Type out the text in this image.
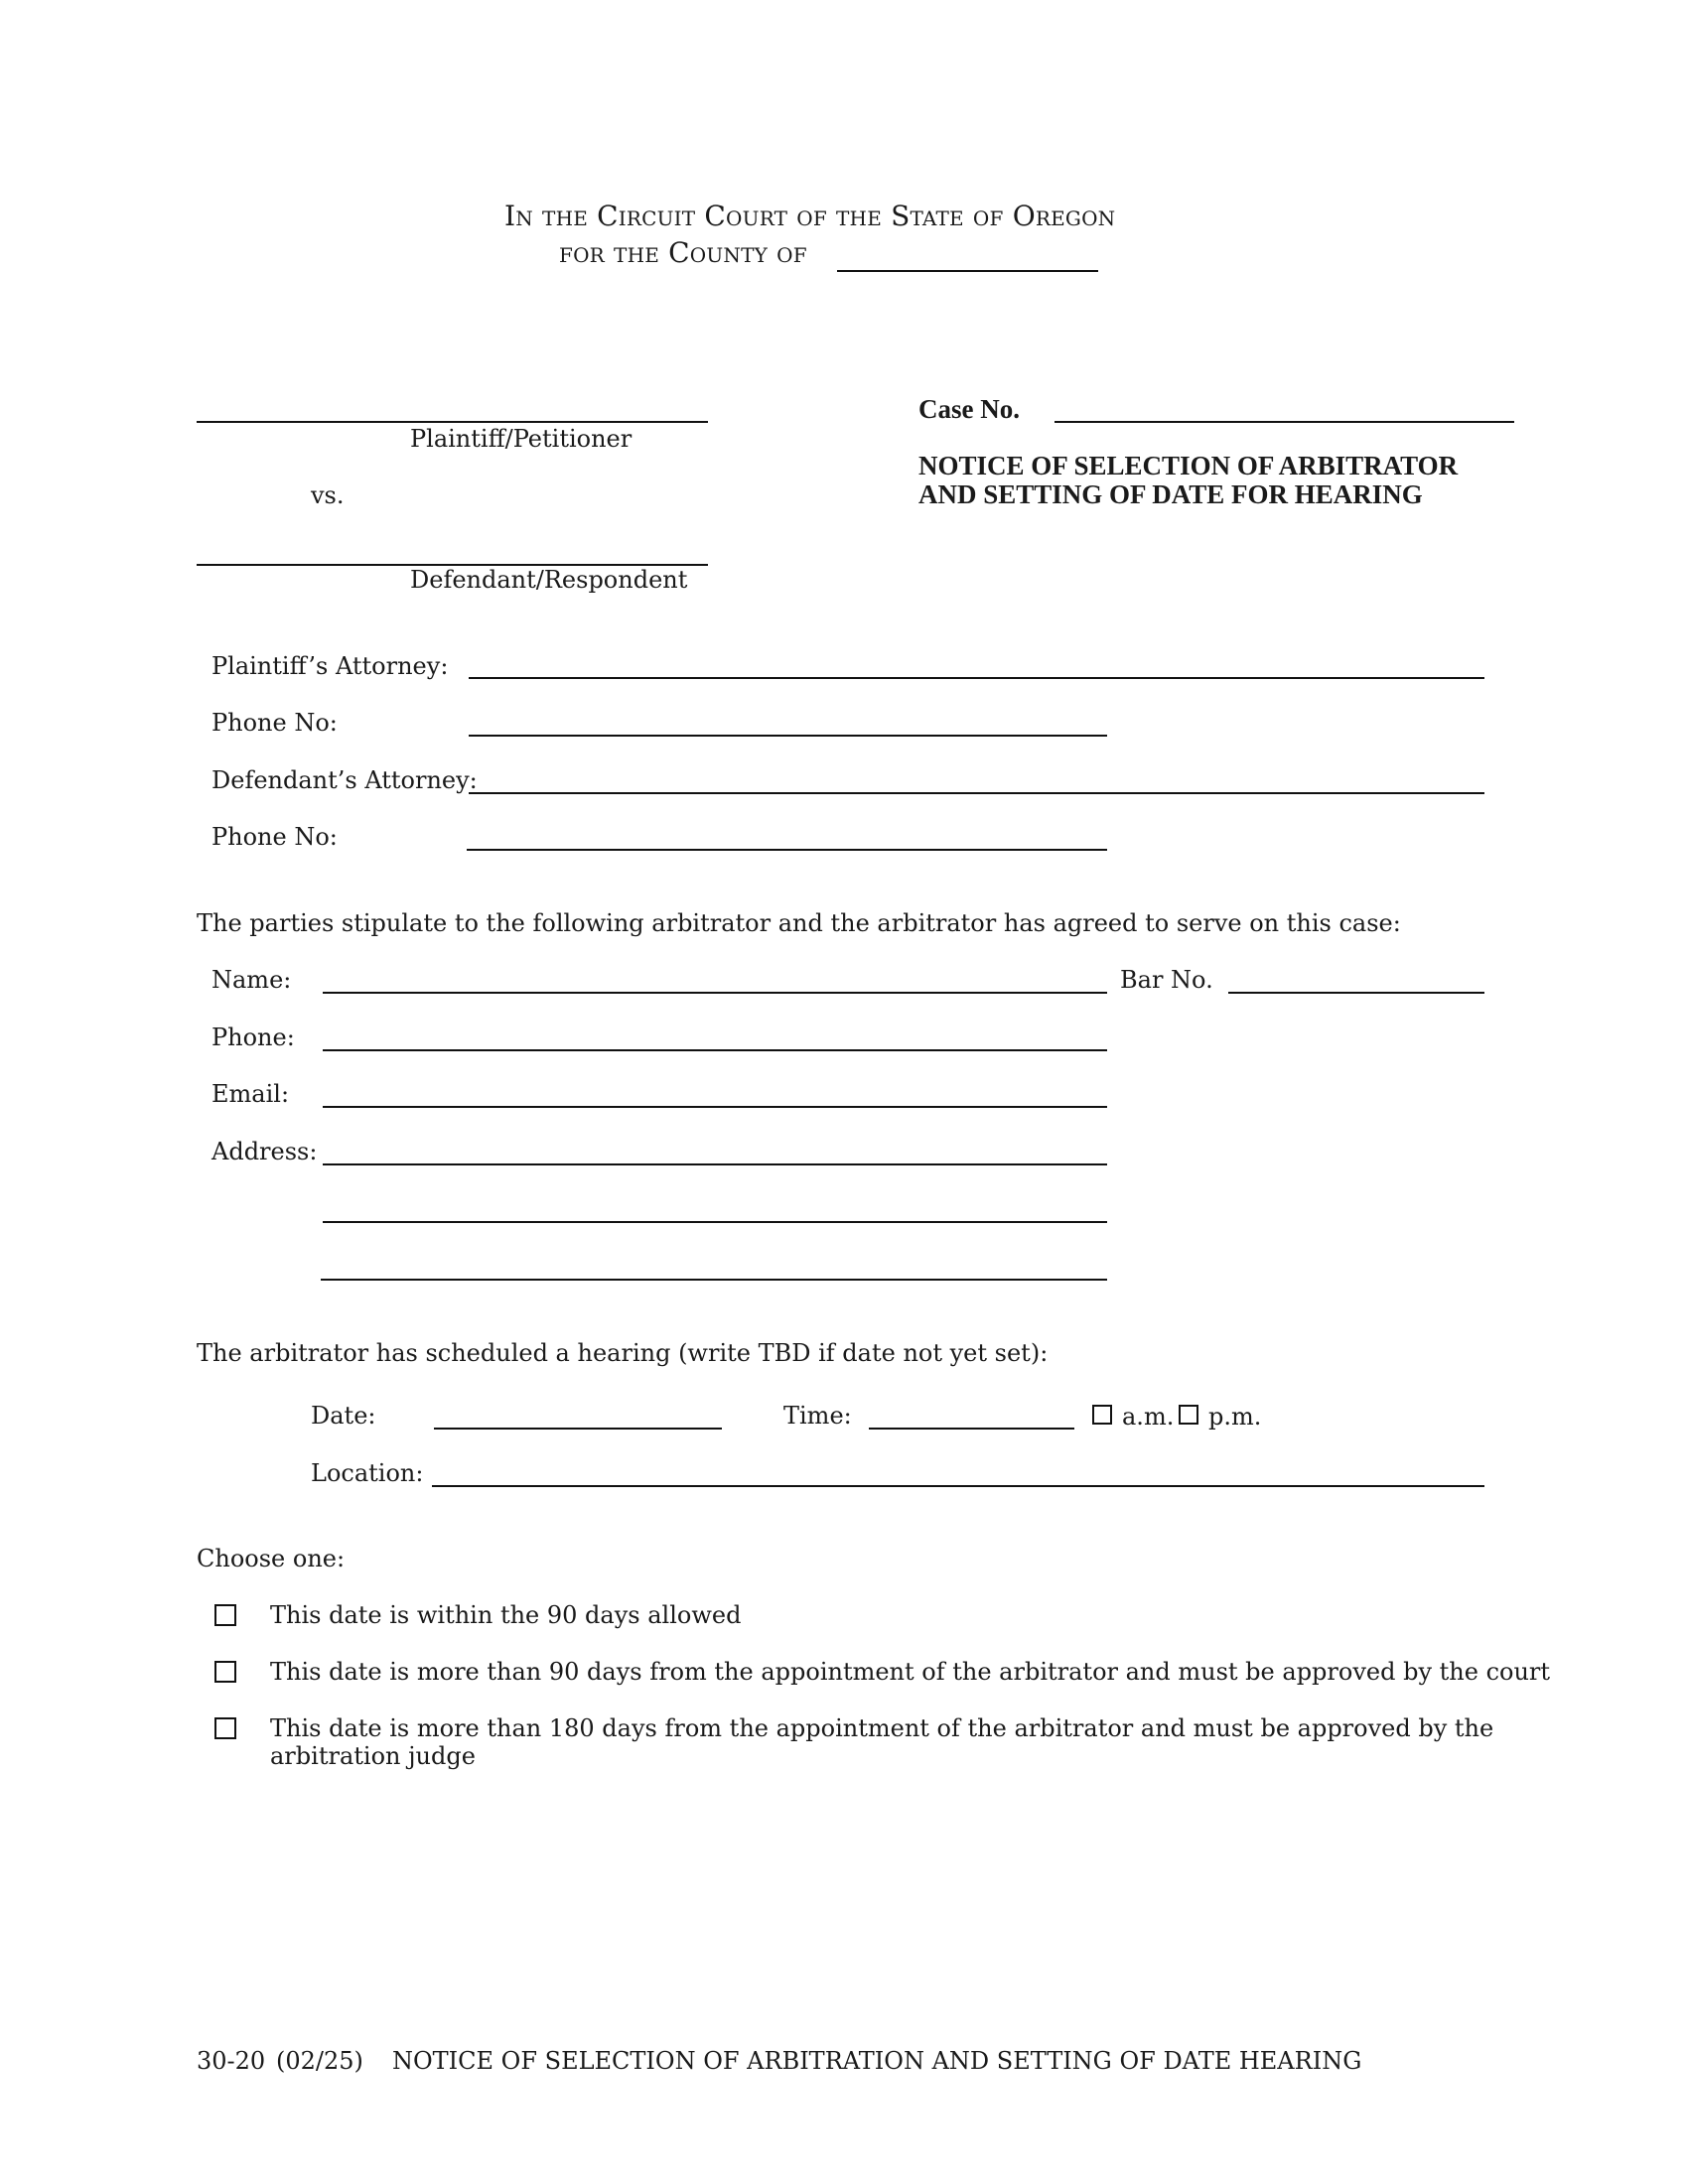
In the Circuit Court of the State of Oregon
for the County of
Plaintiff/Petitioner
vs.
Defendant/Respondent
Case No.
NOTICE OF SELECTION OF ARBITRATOR
AND SETTING OF DATE FOR HEARING
Plaintiff’s Attorney:
Phone No:
Defendant’s Attorney:
Phone No:
The parties stipulate to the following arbitrator and the arbitrator has agreed to serve on this case:
Name:	Bar No.
Phone:
Email:
Address:
The arbitrator has scheduled a hearing (write TBD if date not yet set):
Date:	Time:	a.m. p.m.
Location:
Choose one:
This date is within the 90 days allowed
This date is more than 90 days from the appointment of the arbitrator and must be approved by the court
This date is more than 180 days from the appointment of the arbitrator and must be approved by the
arbitration judge
30-20 (02/25) NOTICE OF SELECTION OF ARBITRATION AND SETTING OF DATE HEARING
